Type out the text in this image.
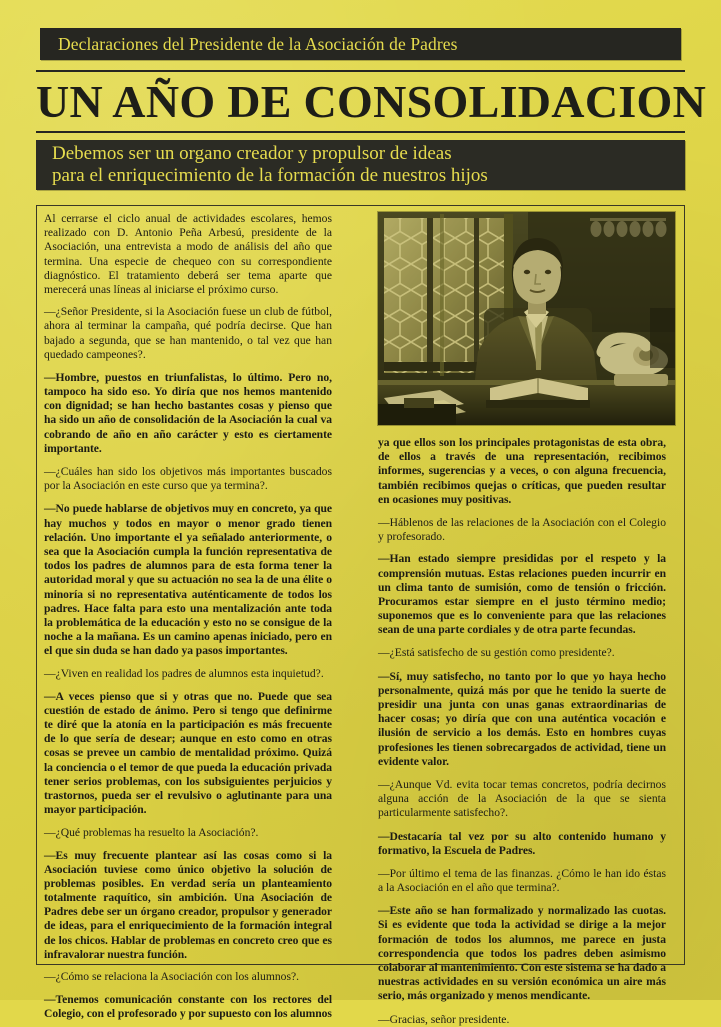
Declaraciones del Presidente de la Asociación de Padres
UN AÑO DE CONSOLIDACION
Debemos ser un organo creador y propulsor de ideas
para el enriquecimiento de la formación de nuestros hijos

Al cerrarse el ciclo anual de actividades escolares, hemos realizado con D. Antonio Peña Arbesú, presidente de la Asociación, una entrevista a modo de análisis del año que termina. Una especie de chequeo con su correspondiente diagnóstico. El tratamiento deberá ser tema aparte que merecerá unas líneas al iniciarse el próximo curso.

—¿Señor Presidente, si la Asociación fuese un club de fútbol, ahora al terminar la campaña, qué podría decirse. Que han bajado a segunda, que se han mantenido, o tal vez que han quedado campeones?.

—Hombre, puestos en triunfalistas, lo último. Pero no, tampoco ha sido eso. Yo diría que nos hemos mantenido con dignidad; se han hecho bastantes cosas y pienso que ha sido un año de consolidación de la Asociación la cual va cobrando de año en año carácter y esto es ciertamente importante.

—¿Cuáles han sido los objetivos más importantes buscados por la Asociación en este curso que ya termina?.

—No puede hablarse de objetivos muy en concreto, ya que hay muchos y todos en mayor o menor grado tienen relación. Uno importante el ya señalado anteriormente, o sea que la Asociación cumpla la función representativa de todos los padres de alumnos para de esta forma tener la autoridad moral y que su actuación no sea la de una élite o minoría si no representativa auténticamente de todos los padres. Hace falta para esto una mentalización ante toda la problemática de la educación y esto no se consigue de la noche a la mañana. Es un camino apenas iniciado, pero en el que sin duda se han dado ya pasos importantes.

—¿Viven en realidad los padres de alumnos esta inquietud?.

—A veces pienso que si y otras que no. Puede que sea cuestión de estado de ánimo. Pero si tengo que definirme te diré que la atonía en la participación es más frecuente de lo que sería de desear; aunque en esto como en otras cosas se prevee un cambio de mentalidad próximo. Quizá la conciencia o el temor de que pueda la educación privada tener serios problemas, con los subsiguientes perjuicios y trastornos, pueda ser el revulsivo o aglutinante para una mayor participación.

—¿Qué problemas ha resuelto la Asociación?.

—Es muy frecuente plantear así las cosas como si la Asociación tuviese como único objetivo la solución de problemas posibles. En verdad sería un planteamiento totalmente raquítico, sin ambición. Una Asociación de Padres debe ser un órgano creador, propulsor y generador de ideas, para el enriquecimiento de la formación integral de los chicos. Hablar de problemas en concreto creo que es infravalorar nuestra función.

—¿Cómo se relaciona la Asociación con los alumnos?.

—Tenemos comunicación constante con los rectores del Colegio, con el profesorado y por supuesto con los alumnos

ya que ellos son los principales protagonistas de esta obra, de ellos a través de una representación, recibimos informes, sugerencias y a veces, o con alguna frecuencia, también recibimos quejas o críticas, que pueden resultar en ocasiones muy positivas.

—Háblenos de las relaciones de la Asociación con el Colegio y profesorado.

—Han estado siempre presididas por el respeto y la comprensión mutuas. Estas relaciones pueden incurrir en un clima tanto de sumisión, como de tensión o fricción. Procuramos estar siempre en el justo término medio; suponemos que es lo conveniente para que las relaciones sean de una parte cordiales y de otra parte fecundas.

—¿Está satisfecho de su gestión como presidente?.

—Sí, muy satisfecho, no tanto por lo que yo haya hecho personalmente, quizá más por que he tenido la suerte de presidir una junta con unas ganas extraordinarias de hacer cosas; yo diría que con una auténtica vocación e ilusión de servicio a los demás. Esto en hombres cuyas profesiones les tienen sobrecargados de actividad, tiene un evidente valor.

—¿Aunque Vd. evita tocar temas concretos, podría decirnos alguna acción de la Asociación de la que se sienta particularmente satisfecho?.

—Destacaría tal vez por su alto contenido humano y formativo, la Escuela de Padres.

—Por último el tema de las finanzas. ¿Cómo le han ido éstas a la Asociación en el año que termina?.

—Este año se han formalizado y normalizado las cuotas. Si es evidente que toda la actividad se dirige a la mejor formación de todos los alumnos, me parece en justa correspondencia que todos los padres deben asimismo colaborar al mantenimiento. Con este sistema se ha dado a nuestras actividades en su versión económica un aire más serio, más organizado y menos mendicante.

—Gracias, señor presidente.
